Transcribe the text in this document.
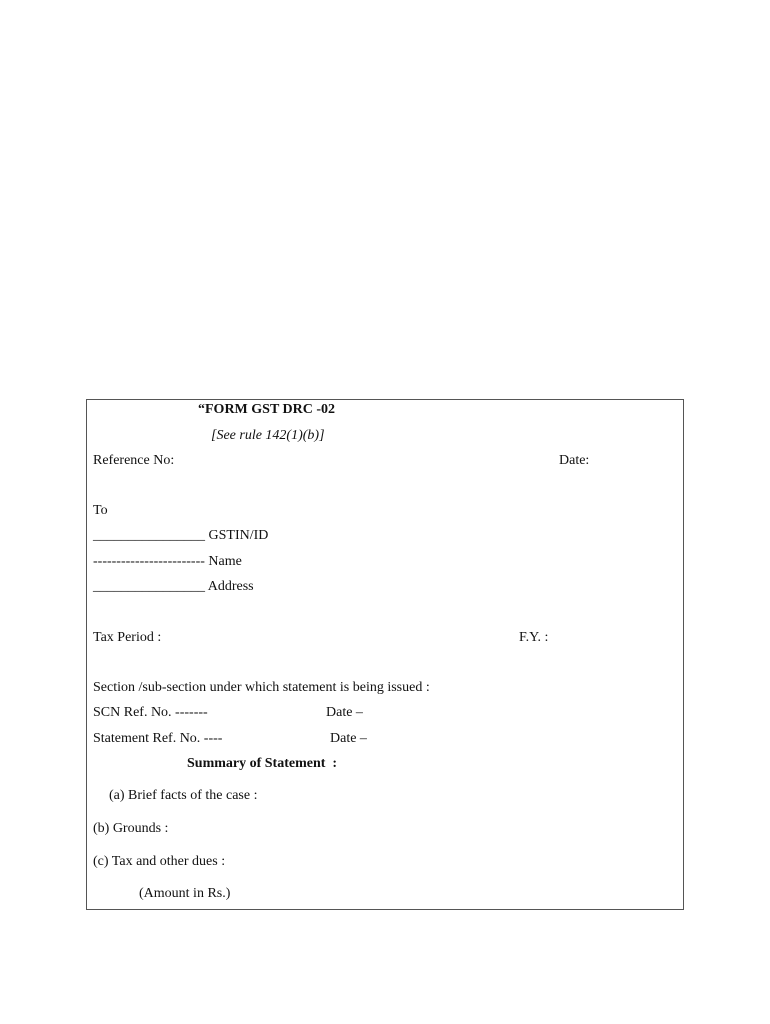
“FORM GST DRC -02
[See rule 142(1)(b)]
Reference No:	Date:
To
________________ GSTIN/ID
------------------------ Name
________________ Address
Tax Period :	F.Y. :
Section /sub-section under which statement is being issued :
SCN Ref. No. -------	Date –
Statement Ref. No. ----	Date –
Summary of Statement  :
(a) Brief facts of the case :
(b) Grounds :
(c) Tax and other dues :
(Amount in Rs.)
